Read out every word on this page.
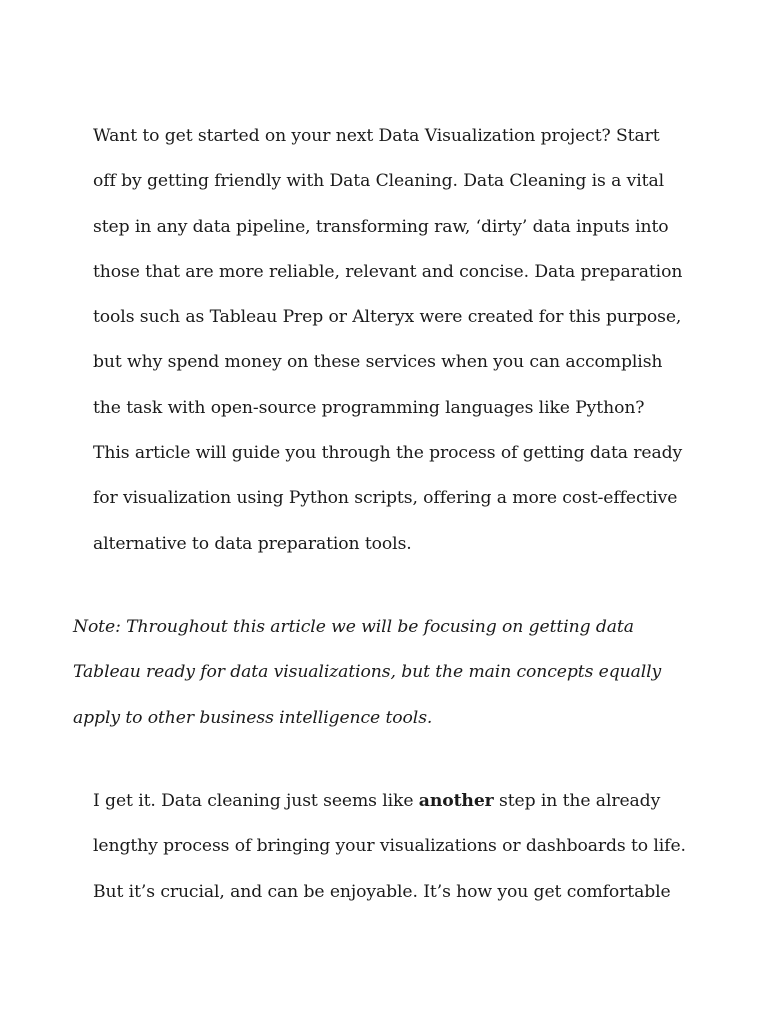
Want to get started on your next Data Visualization project? Start
off by getting friendly with Data Cleaning. Data Cleaning is a vital
step in any data pipeline, transforming raw, ‘dirty’ data inputs into
those that are more reliable, relevant and concise. Data preparation
tools such as Tableau Prep or Alteryx were created for this purpose,
but why spend money on these services when you can accomplish
the task with open-source programming languages like Python?
This article will guide you through the process of getting data ready
for visualization using Python scripts, offering a more cost-effective
alternative to data preparation tools.

Note: Throughout this article we will be focusing on getting data
Tableau ready for data visualizations, but the main concepts equally
apply to other business intelligence tools.

I get it. Data cleaning just seems like another step in the already
lengthy process of bringing your visualizations or dashboards to life.
But it’s crucial, and can be enjoyable. It’s how you get comfortable
